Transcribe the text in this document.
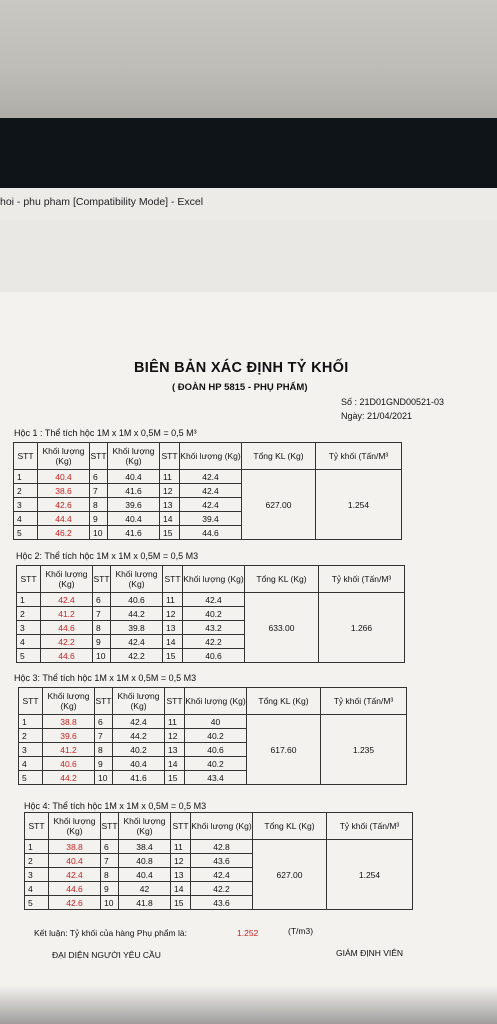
hoi - phu pham [Compatibility Mode] - Excel
BIÊN BẢN XÁC ĐỊNH TỶ KHỐI
( ĐOÀN HP 5815 - PHỤ PHẨM)
Số : 21D01GND00521-03
Ngày: 21/04/2021
Hộc 1 : Thể tích hộc 1M x 1M x 0,5M = 0,5 M³
STT	Khối lượng (Kg)	STT	Khối lượng (Kg)	STT	Khối lượng (Kg)	Tổng KL (Kg)	Tỷ khối (Tấn/M³
1	40.4	6	40.4	11	42.4	627.00	1.254
2	38.6	7	41.6	12	42.4		
3	42.6	8	39.6	13	42.4		
4	44.4	9	40.4	14	39.4		
5	46.2	10	41.6	15	44.6		
Hộc 2: Thể tích hộc 1M x 1M x 0,5M = 0,5 M3
STT	Khối lượng (Kg)	STT	Khối lượng (Kg)	STT	Khối lượng (Kg)	Tổng KL (Kg)	Tỷ khối (Tấn/M³
1	42.4	6	40.6	11	42.4	633.00	1.266
2	41.2	7	44.2	12	40.2		
3	44.6	8	39.8	13	43.2		
4	42.2	9	42.4	14	42.2		
5	44.6	10	42.2	15	40.6		
Hộc 3: Thể tích hộc 1M x 1M x 0,5M = 0,5 M3
STT	Khối lượng (Kg)	STT	Khối lượng (Kg)	STT	Khối lượng (Kg)	Tổng KL (Kg)	Tỷ khối (Tấn/M³
1	38.8	6	42.4	11	40	617.60	1.235
2	39.6	7	44.2	12	40.2		
3	41.2	8	40.2	13	40.6		
4	40.6	9	40.4	14	40.2		
5	44.2	10	41.6	15	43.4		
Hộc 4: Thể tích hộc 1M x 1M x 0,5M = 0,5 M3
STT	Khối lượng (Kg)	STT	Khối lượng (Kg)	STT	Khối lượng (Kg)	Tổng KL (Kg)	Tỷ khối (Tấn/M³
1	38.8	6	38.4	11	42.8	627.00	1.254
2	40.4	7	40.8	12	43.6		
3	42.4	8	40.4	13	42.4		
4	44.6	9	42	14	42.2		
5	42.6	10	41.8	15	43.6		
Kết luận: Tỷ khối của hàng Phụ phẩm là:	1.252	(T/m3)
ĐẠI DIỆN NGƯỜI YÊU CẦU	GIÁM ĐỊNH VIÊN
